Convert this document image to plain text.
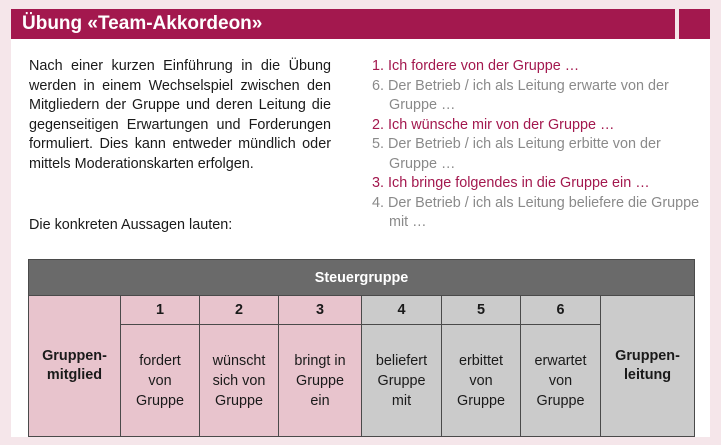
Übung «Team-Akkordeon»

Nach einer kurzen Einführung in die Übung werden in einem Wechselspiel zwischen den Mitgliedern der Gruppe und deren Leitung die gegenseitigen Erwartungen und Forderungen formuliert. Dies kann entweder mündlich oder mittels Moderationskarten erfolgen.

Die konkreten Aussagen lauten:

1. Ich fordere von der Gruppe …
6. Der Betrieb / ich als Leitung erwarte von der Gruppe …
2. Ich wünsche mir von der Gruppe …
5. Der Betrieb / ich als Leitung erbitte von der Gruppe …
3. Ich bringe folgendes in die Gruppe ein …
4. Der Betrieb / ich als Leitung beliefere die Gruppe mit …
Steuergruppe							
Gruppen-
mitglied	1	2	3	4	5	6	Gruppen-
leitung
	fordert
von
Gruppe	wünscht
sich von
Gruppe	bringt in
Gruppe
ein	beliefert
Gruppe
mit	erbittet
von
Gruppe	erwartet
von
Gruppe	
